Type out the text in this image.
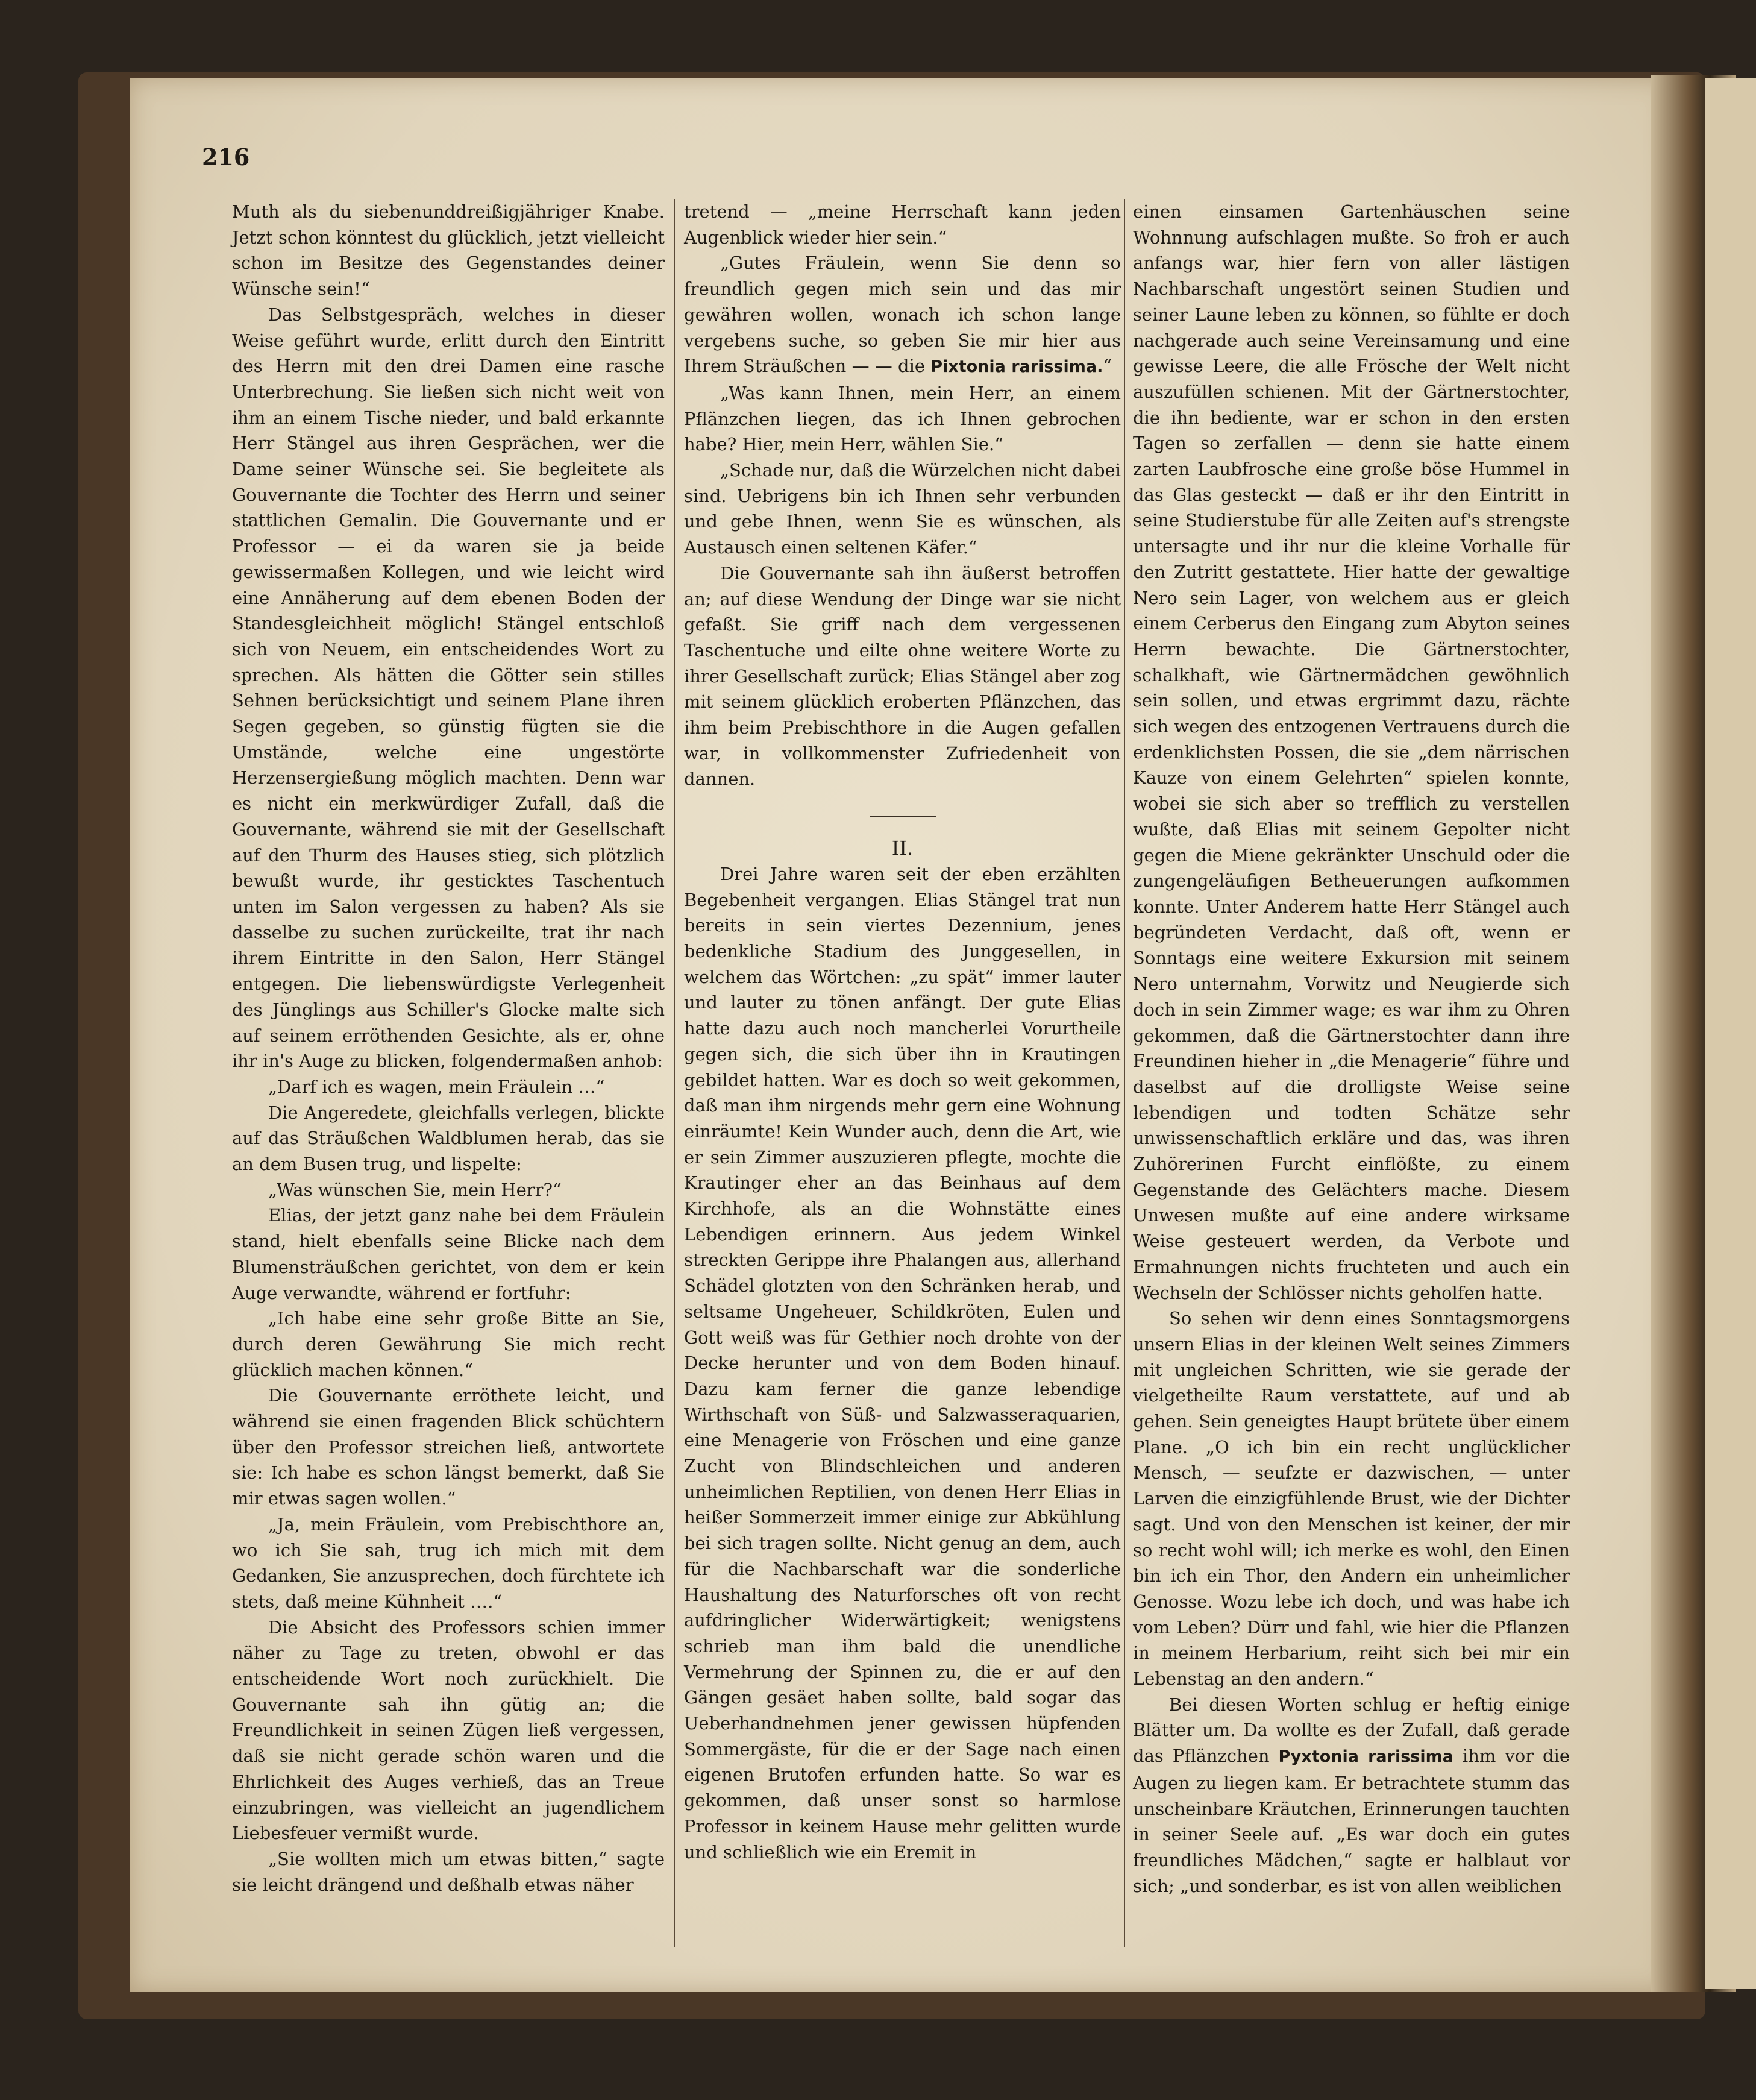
216

Muth als du siebenunddreißigjähriger Knabe. Jetzt schon könntest du glücklich, jetzt vielleicht schon im Besitze des Gegenstandes deiner Wünsche sein!“

Das Selbstgespräch, welches in dieser Weise geführt wurde, erlitt durch den Eintritt des Herrn mit den drei Damen eine rasche Unterbrechung. Sie ließen sich nicht weit von ihm an einem Tische nieder, und bald erkannte Herr Stängel aus ihren Gesprächen, wer die Dame seiner Wünsche sei. Sie begleitete als Gouvernante die Tochter des Herrn und seiner stattlichen Gemalin. Die Gouvernante und er Professor — ei da waren sie ja beide gewissermaßen Kollegen, und wie leicht wird eine Annäherung auf dem ebenen Boden der Standesgleichheit möglich! Stängel entschloß sich von Neuem, ein entscheidendes Wort zu sprechen. Als hätten die Götter sein stilles Sehnen berücksichtigt und seinem Plane ihren Segen gegeben, so günstig fügten sie die Umstände, welche eine ungestörte Herzensergießung möglich machten. Denn war es nicht ein merkwürdiger Zufall, daß die Gouvernante, während sie mit der Gesellschaft auf den Thurm des Hauses stieg, sich plötzlich bewußt wurde, ihr gesticktes Taschentuch unten im Salon vergessen zu haben? Als sie dasselbe zu suchen zurückeilte, trat ihr nach ihrem Eintritte in den Salon, Herr Stängel entgegen. Die liebenswürdigste Verlegenheit des Jünglings aus Schiller's Glocke malte sich auf seinem erröthenden Gesichte, als er, ohne ihr in's Auge zu blicken, folgendermaßen anhob:

„Darf ich es wagen, mein Fräulein …“

Die Angeredete, gleichfalls verlegen, blickte auf das Sträußchen Waldblumen herab, das sie an dem Busen trug, und lispelte:

„Was wünschen Sie, mein Herr?“

Elias, der jetzt ganz nahe bei dem Fräulein stand, hielt ebenfalls seine Blicke nach dem Blumensträußchen gerichtet, von dem er kein Auge verwandte, während er fortfuhr:

„Ich habe eine sehr große Bitte an Sie, durch deren Gewährung Sie mich recht glücklich machen können.“

Die Gouvernante erröthete leicht, und während sie einen fragenden Blick schüchtern über den Professor streichen ließ, antwortete sie: Ich habe es schon längst bemerkt, daß Sie mir etwas sagen wollen.“

„Ja, mein Fräulein, vom Prebischthore an, wo ich Sie sah, trug ich mich mit dem Gedanken, Sie anzusprechen, doch fürchtete ich stets, daß meine Kühnheit ….“

Die Absicht des Professors schien immer näher zu Tage zu treten, obwohl er das entscheidende Wort noch zurückhielt. Die Gouvernante sah ihn gütig an; die Freundlichkeit in seinen Zügen ließ vergessen, daß sie nicht gerade schön waren und die Ehrlichkeit des Auges verhieß, das an Treue einzubringen, was vielleicht an jugendlichem Liebesfeuer vermißt wurde.

„Sie wollten mich um etwas bitten,“ sagte sie leicht drängend und deßhalb etwas näher

tretend — „meine Herrschaft kann jeden Augenblick wieder hier sein.“

„Gutes Fräulein, wenn Sie denn so freundlich gegen mich sein und das mir gewähren wollen, wonach ich schon lange vergebens suche, so geben Sie mir hier aus Ihrem Sträußchen — — die Pixtonia rarissima.“

„Was kann Ihnen, mein Herr, an einem Pflänzchen liegen, das ich Ihnen gebrochen habe? Hier, mein Herr, wählen Sie.“

„Schade nur, daß die Würzelchen nicht dabei sind. Uebrigens bin ich Ihnen sehr verbunden und gebe Ihnen, wenn Sie es wünschen, als Austausch einen seltenen Käfer.“

Die Gouvernante sah ihn äußerst betroffen an; auf diese Wendung der Dinge war sie nicht gefaßt. Sie griff nach dem vergessenen Taschentuche und eilte ohne weitere Worte zu ihrer Gesellschaft zurück; Elias Stängel aber zog mit seinem glücklich eroberten Pflänzchen, das ihm beim Prebischthore in die Augen gefallen war, in vollkommenster Zufriedenheit von dannen.

II.

Drei Jahre waren seit der eben erzählten Begebenheit vergangen. Elias Stängel trat nun bereits in sein viertes Dezennium, jenes bedenkliche Stadium des Junggesellen, in welchem das Wörtchen: „zu spät“ immer lauter und lauter zu tönen anfängt. Der gute Elias hatte dazu auch noch mancherlei Vorurtheile gegen sich, die sich über ihn in Krautingen gebildet hatten. War es doch so weit gekommen, daß man ihm nirgends mehr gern eine Wohnung einräumte! Kein Wunder auch, denn die Art, wie er sein Zimmer auszuzieren pflegte, mochte die Krautinger eher an das Beinhaus auf dem Kirchhofe, als an die Wohnstätte eines Lebendigen erinnern. Aus jedem Winkel streckten Gerippe ihre Phalangen aus, allerhand Schädel glotzten von den Schränken herab, und seltsame Ungeheuer, Schildkröten, Eulen und Gott weiß was für Gethier noch drohte von der Decke herunter und von dem Boden hinauf. Dazu kam ferner die ganze lebendige Wirthschaft von Süß- und Salzwasseraquarien, eine Menagerie von Fröschen und eine ganze Zucht von Blindschleichen und anderen unheimlichen Reptilien, von denen Herr Elias in heißer Sommerzeit immer einige zur Abkühlung bei sich tragen sollte. Nicht genug an dem, auch für die Nachbarschaft war die sonderliche Haushaltung des Naturforsches oft von recht aufdringlicher Widerwärtigkeit; wenigstens schrieb man ihm bald die unendliche Vermehrung der Spinnen zu, die er auf den Gängen gesäet haben sollte, bald sogar das Ueberhandnehmen jener gewissen hüpfenden Sommergäste, für die er der Sage nach einen eigenen Brutofen erfunden hatte. So war es gekommen, daß unser sonst so harmlose Professor in keinem Hause mehr gelitten wurde und schließlich wie ein Eremit in

einen einsamen Gartenhäuschen seine Wohnnung aufschlagen mußte. So froh er auch anfangs war, hier fern von aller lästigen Nachbarschaft ungestört seinen Studien und seiner Laune leben zu können, so fühlte er doch nachgerade auch seine Vereinsamung und eine gewisse Leere, die alle Frösche der Welt nicht auszufüllen schienen. Mit der Gärtnerstochter, die ihn bediente, war er schon in den ersten Tagen so zerfallen — denn sie hatte einem zarten Laubfrosche eine große böse Hummel in das Glas gesteckt — daß er ihr den Eintritt in seine Studierstube für alle Zeiten auf's strengste untersagte und ihr nur die kleine Vorhalle für den Zutritt gestattete. Hier hatte der gewaltige Nero sein Lager, von welchem aus er gleich einem Cerberus den Eingang zum Abyton seines Herrn bewachte. Die Gärtnerstochter, schalkhaft, wie Gärtnermädchen gewöhnlich sein sollen, und etwas ergrimmt dazu, rächte sich wegen des entzogenen Vertrauens durch die erdenklichsten Possen, die sie „dem närrischen Kauze von einem Gelehrten“ spielen konnte, wobei sie sich aber so trefflich zu verstellen wußte, daß Elias mit seinem Gepolter nicht gegen die Miene gekränkter Unschuld oder die zungengeläufigen Betheuerungen aufkommen konnte. Unter Anderem hatte Herr Stängel auch begründeten Verdacht, daß oft, wenn er Sonntags eine weitere Exkursion mit seinem Nero unternahm, Vorwitz und Neugierde sich doch in sein Zimmer wage; es war ihm zu Ohren gekommen, daß die Gärtnerstochter dann ihre Freundinen hieher in „die Menagerie“ führe und daselbst auf die drolligste Weise seine lebendigen und todten Schätze sehr unwissenschaftlich erkläre und das, was ihren Zuhörerinen Furcht einflößte, zu einem Gegenstande des Gelächters mache. Diesem Unwesen mußte auf eine andere wirksame Weise gesteuert werden, da Verbote und Ermahnungen nichts fruchteten und auch ein Wechseln der Schlösser nichts geholfen hatte.

So sehen wir denn eines Sonntagsmorgens unsern Elias in der kleinen Welt seines Zimmers mit ungleichen Schritten, wie sie gerade der vielgetheilte Raum verstattete, auf und ab gehen. Sein geneigtes Haupt brütete über einem Plane. „O ich bin ein recht unglücklicher Mensch, — seufzte er dazwischen, — unter Larven die einzigfühlende Brust, wie der Dichter sagt. Und von den Menschen ist keiner, der mir so recht wohl will; ich merke es wohl, den Einen bin ich ein Thor, den Andern ein unheimlicher Genosse. Wozu lebe ich doch, und was habe ich vom Leben? Dürr und fahl, wie hier die Pflanzen in meinem Herbarium, reiht sich bei mir ein Lebenstag an den andern.“

Bei diesen Worten schlug er heftig einige Blätter um. Da wollte es der Zufall, daß gerade das Pflänzchen Pyxtonia rarissima ihm vor die Augen zu liegen kam. Er betrachtete stumm das unscheinbare Kräutchen, Erinnerungen tauchten in seiner Seele auf. „Es war doch ein gutes freundliches Mädchen,“ sagte er halblaut vor sich; „und sonderbar, es ist von allen weiblichen
